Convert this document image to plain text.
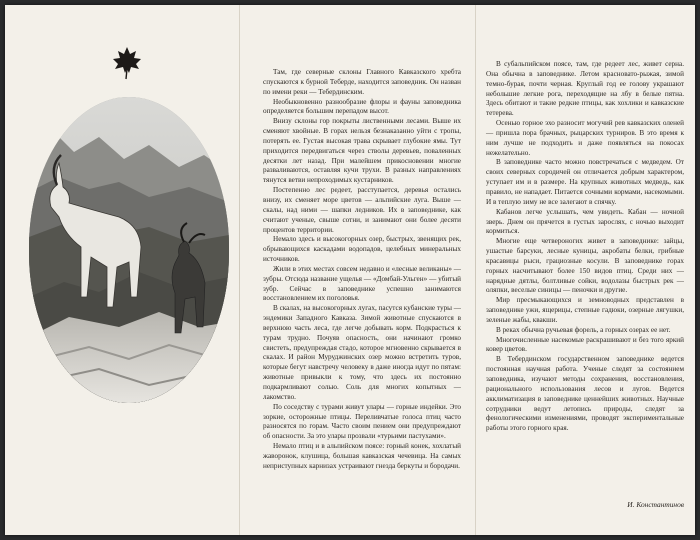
Там, где северные склоны Главного Кавказского хребта спускаются к бурной Теберде, находится заповедник. Он назван по имени реки — Тебердинским.

Необыкновенно разнообразие флоры и фауны заповедника определяется большим перепадом высот.

Внизу склоны гор покрыты лиственными лесами. Выше их сменяют хвойные. В горах нельзя безнаказанно уйти с тропы, потерять ее. Густая высокая трава скрывает глубокие ямы. Тут приходится передвигаться через стволы деревьев, поваленных десятки лет назад. При малейшем прикосновении многие разваливаются, оставляя кучи трухи. В разных направлениях тянутся ветви непроходимых кустарников.

Постепенно лес редеет, расступается, деревья остались внизу, их сменяет море цветов — альпийские луга. Выше — скалы, над ними — шапки ледников. Их в заповеднике, как считают ученые, свыше сотни, и занимают они более десяти процентов территории.

Немало здесь и высокогорных озер, быстрых, звенящих рек, обрывающихся каскадами водопадов, целебных минеральных источников.

Жили в этих местах совсем недавно и «лесные великаны» — зубры. Отсюда название ущелья — «Домбай-Ульген» — убитый зубр. Сейчас в заповеднике успешно занимаются восстановлением их поголовья.

В скалах, на высокогорных лугах, пасутся кубанские туры — эндемики Западного Кавказа. Зимой животные спускаются в верхнюю часть леса, где легче добывать корм. Подкрасться к турам трудно. Почуяв опасность, они начинают громко свистеть, предупреждая стадо, которое мгновенно скрывается в скалах. И район Муруджинских озер можно встретить туров, которые бегут навстречу человеку в даже иногда идут по пятам: животные привыкли к тому, что здесь их постоянно подкармливают солью. Соль для многих копытных — лакомство.

По соседству с турами живут улары — горные индейки. Это зоркие, осторожные птицы. Переливчатые голоса птиц часто разносятся по горам. Часто своим пением они предупреждают об опасности. За это улары прозвали «турьими пастухами».

Немало птиц и в альпийском поясе: горный конек, хохлатый жаворонок, клушица, большая кавказская чечевица. На самых неприступных карнизах устраивают гнезда беркуты и бородачи.

В субальпийском поясе, там, где редеет лес, живет серна. Она обычна в заповеднике. Летом красновато-рыжая, зимой темно-бурая, почти черная. Круглый год ее голову украшают небольшие легкие рога, переходящие на лбу в белые пятна. Здесь обитают и такие редкие птицы, как хохлики и кавказские тетерева.

Осенью горное эхо разносит могучий рев кавказских оленей — пришла пора брачных, рыцарских турниров. В это время к ним лучше не подходить и даже появляться на покосах нежелательно.

В заповеднике часто можно повстречаться с медведем. От своих северных сородичей он отличается добрым характером, уступает им и в размере. На крупных животных медведь, как правило, не нападает. Питается сочными кормами, насекомыми. И в теплую зиму не все залегают в спячку.

Кабанов легче услышать, чем увидеть. Кабан — ночной зверь. Днем он прячется в густых зарослях, с ночью выходит кормиться.

Многие еще четвероногих живет в заповеднике: зайцы, ушастые барсуки, лесные куницы, акробаты белки, грибные красавицы рыси, грациозные косули. В заповеднике горах горных насчитывают более 150 видов птиц. Среди них — нарядные дятлы, болтливые сойки, водолазы быстрых рек — оляпки, веселые синицы — пеночки и другие.

Мир пресмыкающихся и земноводных представлен в заповеднике ужи, ящерицы, степные гадюки, озерные лягушки, зеленые жабы, квакши.

В реках обычна ручьевая форель, а горных озерах ее нет.

Многочисленные насекомые раскрашивают и без того яркий ковер цветов.

В Тебердинском государственном заповеднике ведется постоянная научная работа. Ученые следят за состоянием заповедника, изучают методы сохранения, восстановления, рационального использования лесов и лугов. Ведется акклиматизация в заповеднике ценнейших животных. Научные сотрудники ведут летопись природы, следят за фенологическими изменениями, проводят экспериментальные работы этого горного края.

И. Константинов
